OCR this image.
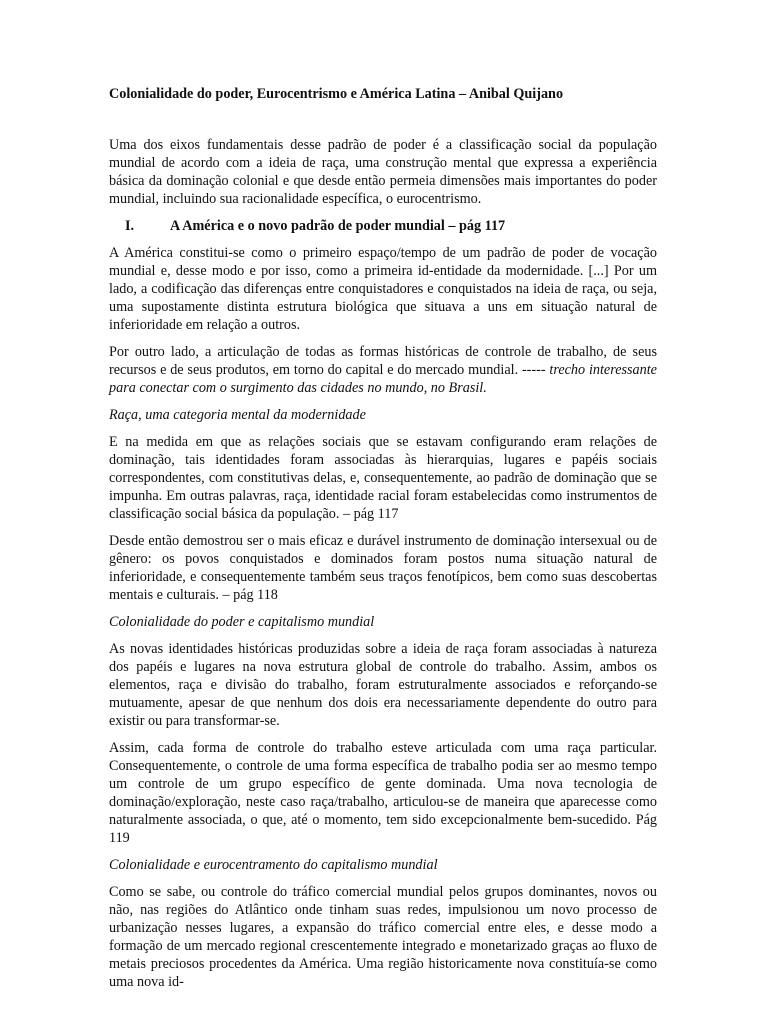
Colonialidade do poder, Eurocentrismo e América Latina – Anibal Quijano

Uma dos eixos fundamentais desse padrão de poder é a classificação social da população mundial de acordo com a ideia de raça, uma construção mental que expressa a experiência básica da dominação colonial e que desde então permeia dimensões mais importantes do poder mundial, incluindo sua racionalidade específica, o eurocentrismo.

I.	A América e o novo padrão de poder mundial – pág 117

A América constitui-se como o primeiro espaço/tempo de um padrão de poder de vocação mundial e, desse modo e por isso, como a primeira id-entidade da modernidade. [...] Por um lado, a codificação das diferenças entre conquistadores e conquistados na ideia de raça, ou seja, uma supostamente distinta estrutura biológica que situava a uns em situação natural de inferioridade em relação a outros.

Por outro lado, a articulação de todas as formas históricas de controle de trabalho, de seus recursos e de seus produtos, em torno do capital e do mercado mundial. ----- trecho interessante para conectar com o surgimento das cidades no mundo, no Brasil.

Raça, uma categoria mental da modernidade

E na medida em que as relações sociais que se estavam configurando eram relações de dominação, tais identidades foram associadas às hierarquias, lugares e papéis sociais correspondentes, com constitutivas delas, e, consequentemente, ao padrão de dominação que se impunha. Em outras palavras, raça, identidade racial foram estabelecidas como instrumentos de classificação social básica da população. – pág 117

Desde então demostrou ser o mais eficaz e durável instrumento de dominação intersexual ou de gênero: os povos conquistados e dominados foram postos numa situação natural de inferioridade, e consequentemente também seus traços fenotípicos, bem como suas descobertas mentais e culturais. – pág 118

Colonialidade do poder e capitalismo mundial

As novas identidades históricas produzidas sobre a ideia de raça foram associadas à natureza dos papéis e lugares na nova estrutura global de controle do trabalho. Assim, ambos os elementos, raça e divisão do trabalho, foram estruturalmente associados e reforçando-se mutuamente, apesar de que nenhum dos dois era necessariamente dependente do outro para existir ou para transformar-se.

Assim, cada forma de controle do trabalho esteve articulada com uma raça particular. Consequentemente, o controle de uma forma específica de trabalho podia ser ao mesmo tempo um controle de um grupo específico de gente dominada. Uma nova tecnologia de dominação/exploração, neste caso raça/trabalho, articulou-se de maneira que aparecesse como naturalmente associada, o que, até o momento, tem sido excepcionalmente bem-sucedido. Pág 119

Colonialidade e eurocentramento do capitalismo mundial

Como se sabe, ou controle do tráfico comercial mundial pelos grupos dominantes, novos ou não, nas regiões do Atlântico onde tinham suas redes, impulsionou um novo processo de urbanização nesses lugares, a expansão do tráfico comercial entre eles, e desse modo a formação de um mercado regional crescentemente integrado e monetarizado graças ao fluxo de metais preciosos procedentes da América. Uma região historicamente nova constituía-se como uma nova id-
